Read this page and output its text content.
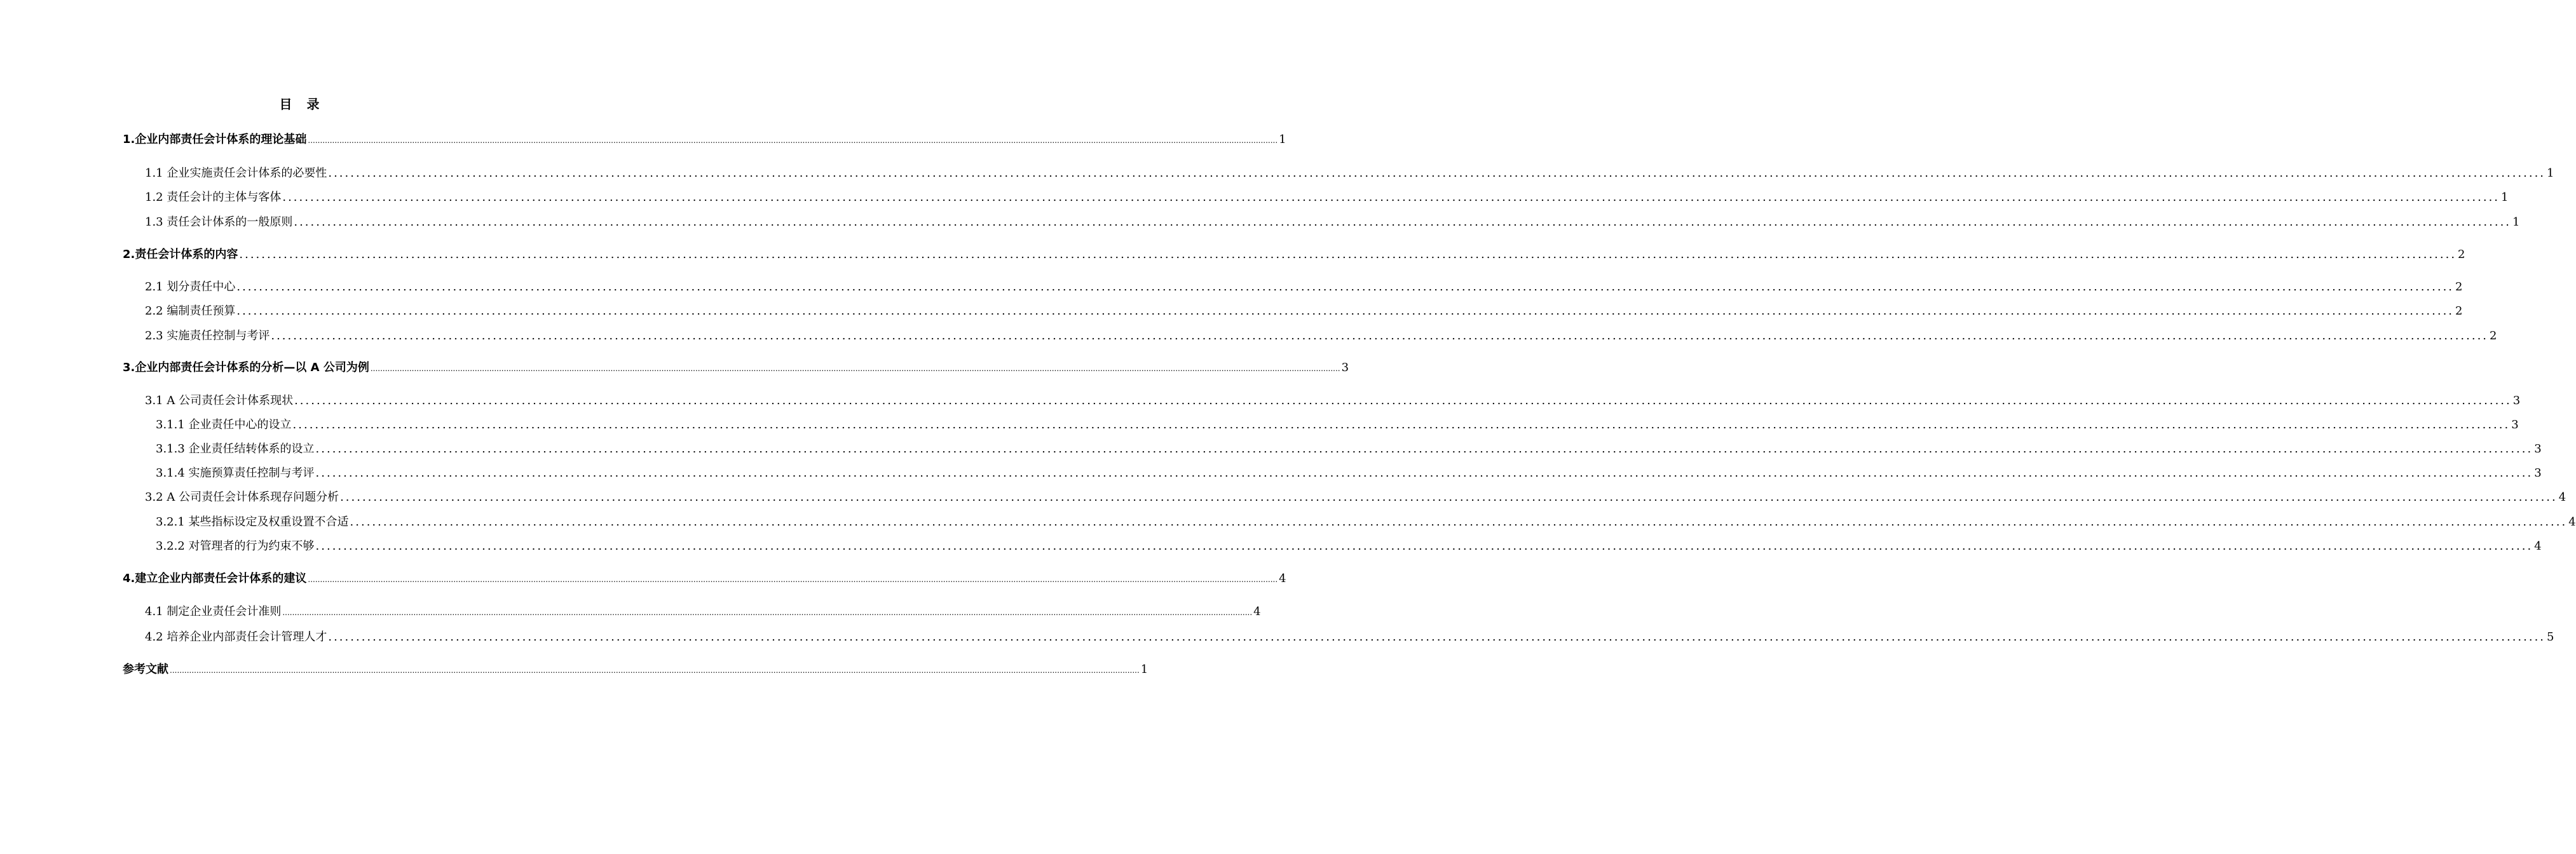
目 录
1.企业内部责任会计体系的理论基础 ................................................................................................................................................................................................................................................................................................................................................................................................................ 1
1.1 企业实施责任会计体系的必要性 ................................................................................................................................................................................................................................................................................................................................................................................................................ 1
1.2 责任会计的主体与客体 ................................................................................................................................................................................................................................................................................................................................................................................................................ 1
1.3 责任会计体系的一般原则 ................................................................................................................................................................................................................................................................................................................................................................................................................ 1
2.责任会计体系的内容 ................................................................................................................................................................................................................................................................................................................................................................................................................ 2
2.1 划分责任中心 ................................................................................................................................................................................................................................................................................................................................................................................................................ 2
2.2 编制责任预算 ................................................................................................................................................................................................................................................................................................................................................................................................................ 2
2.3 实施责任控制与考评 ................................................................................................................................................................................................................................................................................................................................................................................................................ 2
3.企业内部责任会计体系的分析—以 A 公司为例 ................................................................................................................................................................................................................................................................................................................................................................................................................ 3
3.1 A 公司责任会计体系现状 ................................................................................................................................................................................................................................................................................................................................................................................................................ 3
3.1.1 企业责任中心的设立 ................................................................................................................................................................................................................................................................................................................................................................................................................ 3
3.1.3 企业责任结转体系的设立 ................................................................................................................................................................................................................................................................................................................................................................................................................ 3
3.1.4 实施预算责任控制与考评 ................................................................................................................................................................................................................................................................................................................................................................................................................ 3
3.2 A 公司责任会计体系现存问题分析 ................................................................................................................................................................................................................................................................................................................................................................................................................ 4
3.2.1 某些指标设定及权重设置不合适 ................................................................................................................................................................................................................................................................................................................................................................................................................ 4
3.2.2 对管理者的行为约束不够 ................................................................................................................................................................................................................................................................................................................................................................................................................ 4
4.建立企业内部责任会计体系的建议 ................................................................................................................................................................................................................................................................................................................................................................................................................ 4
4.1 制定企业责任会计准则 ................................................................................................................................................................................................................................................................................................................................................................................................................ 4
4.2 培养企业内部责任会计管理人才 ................................................................................................................................................................................................................................................................................................................................................................................................................ 5
参考文献 ................................................................................................................................................................................................................................................................................................................................................................................................................ 1
